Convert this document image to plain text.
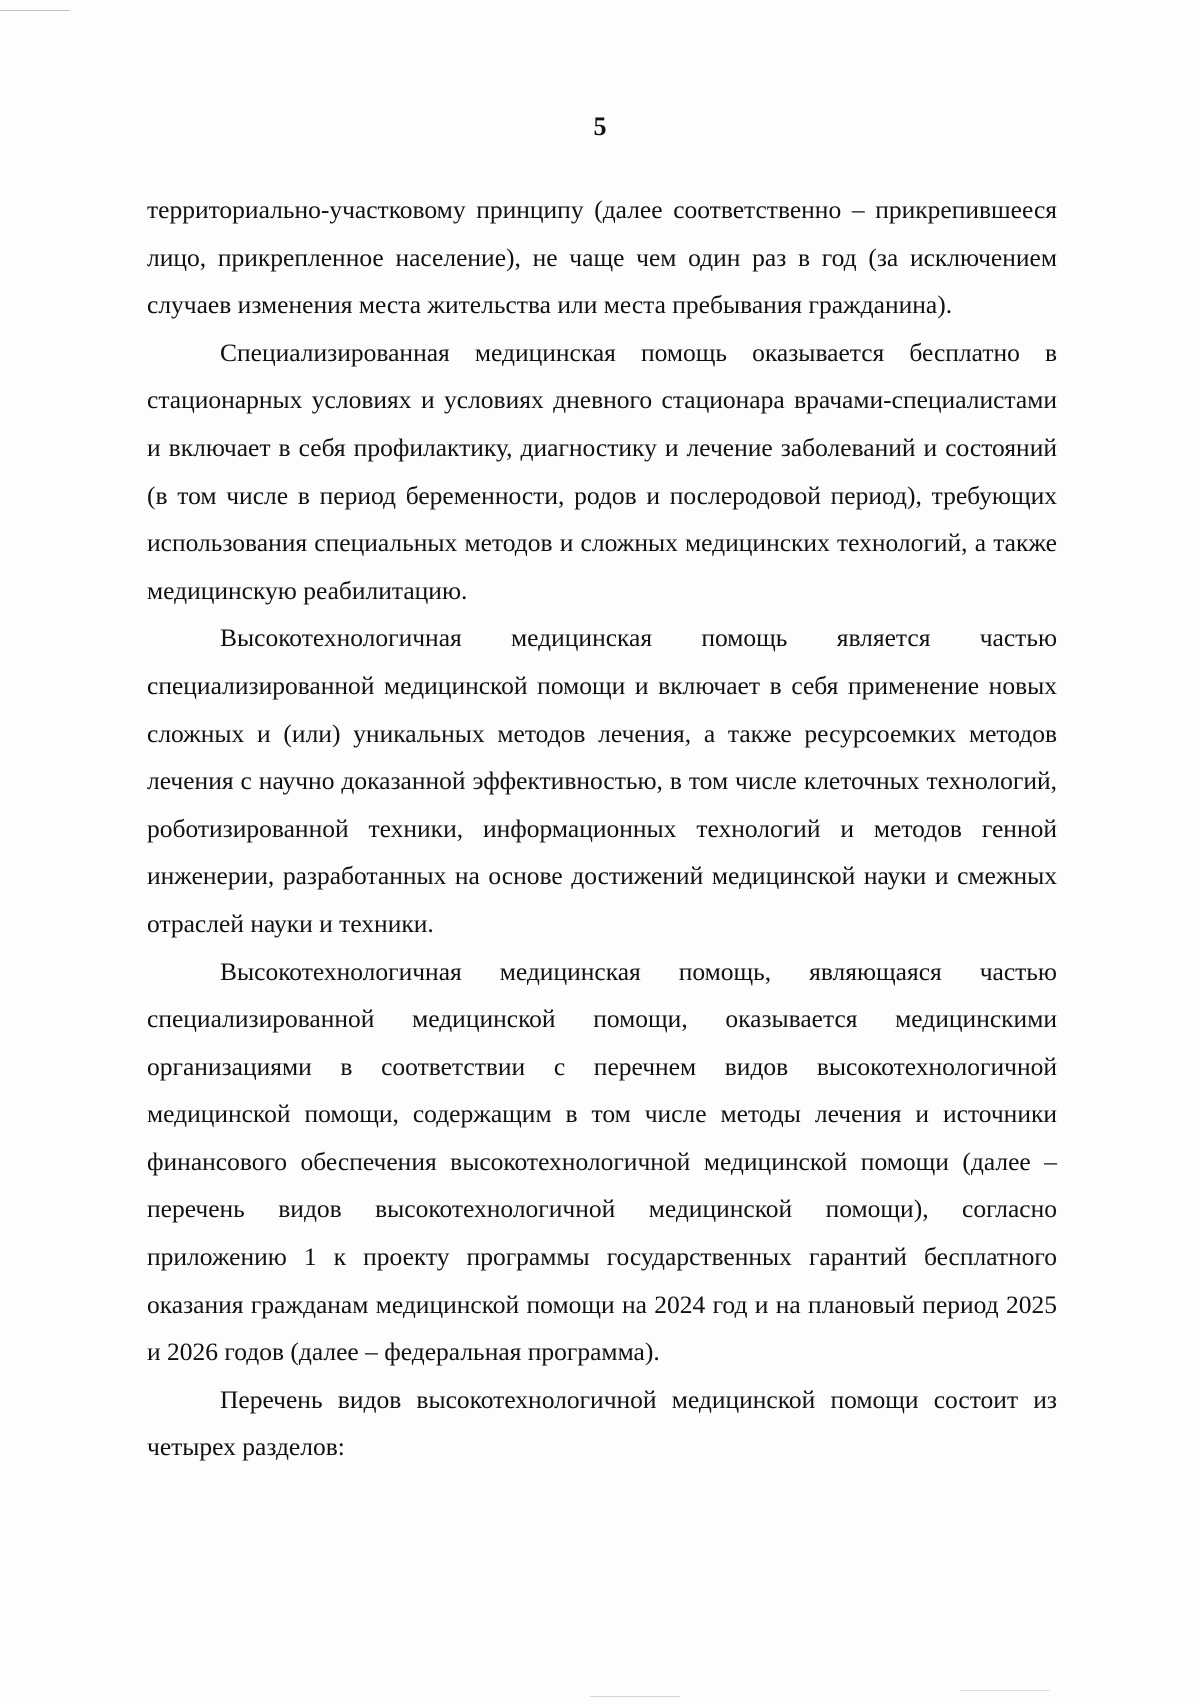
5

территориально-участковому принципу (далее соответственно – прикрепившееся лицо, прикрепленное население), не чаще чем один раз в год (за исключением случаев изменения места жительства или места пребывания гражданина).

Специализированная медицинская помощь оказывается бесплатно в стационарных условиях и условиях дневного стационара врачами-специалистами и включает в себя профилактику, диагностику и лечение заболеваний и состояний (в том числе в период беременности, родов и послеродовой период), требующих использования специальных методов и сложных медицинских технологий, а также медицинскую реабилитацию.

Высокотехнологичная медицинская помощь является частью специализированной медицинской помощи и включает в себя применение новых сложных и (или) уникальных методов лечения, а также ресурсоемких методов лечения с научно доказанной эффективностью, в том числе клеточных технологий, роботизированной техники, информационных технологий и методов генной инженерии, разработанных на основе достижений медицинской науки и смежных отраслей науки и техники.

Высокотехнологичная медицинская помощь, являющаяся частью специализированной медицинской помощи, оказывается медицинскими организациями в соответствии с перечнем видов высокотехнологичной медицинской помощи, содержащим в том числе методы лечения и источники финансового обеспечения высокотехнологичной медицинской помощи (далее – перечень видов высокотехнологичной медицинской помощи), согласно приложению 1 к проекту программы государственных гарантий бесплатного оказания гражданам медицинской помощи на 2024 год и на плановый период 2025 и 2026 годов (далее – федеральная программа).

Перечень видов высокотехнологичной медицинской помощи состоит из четырех разделов:
